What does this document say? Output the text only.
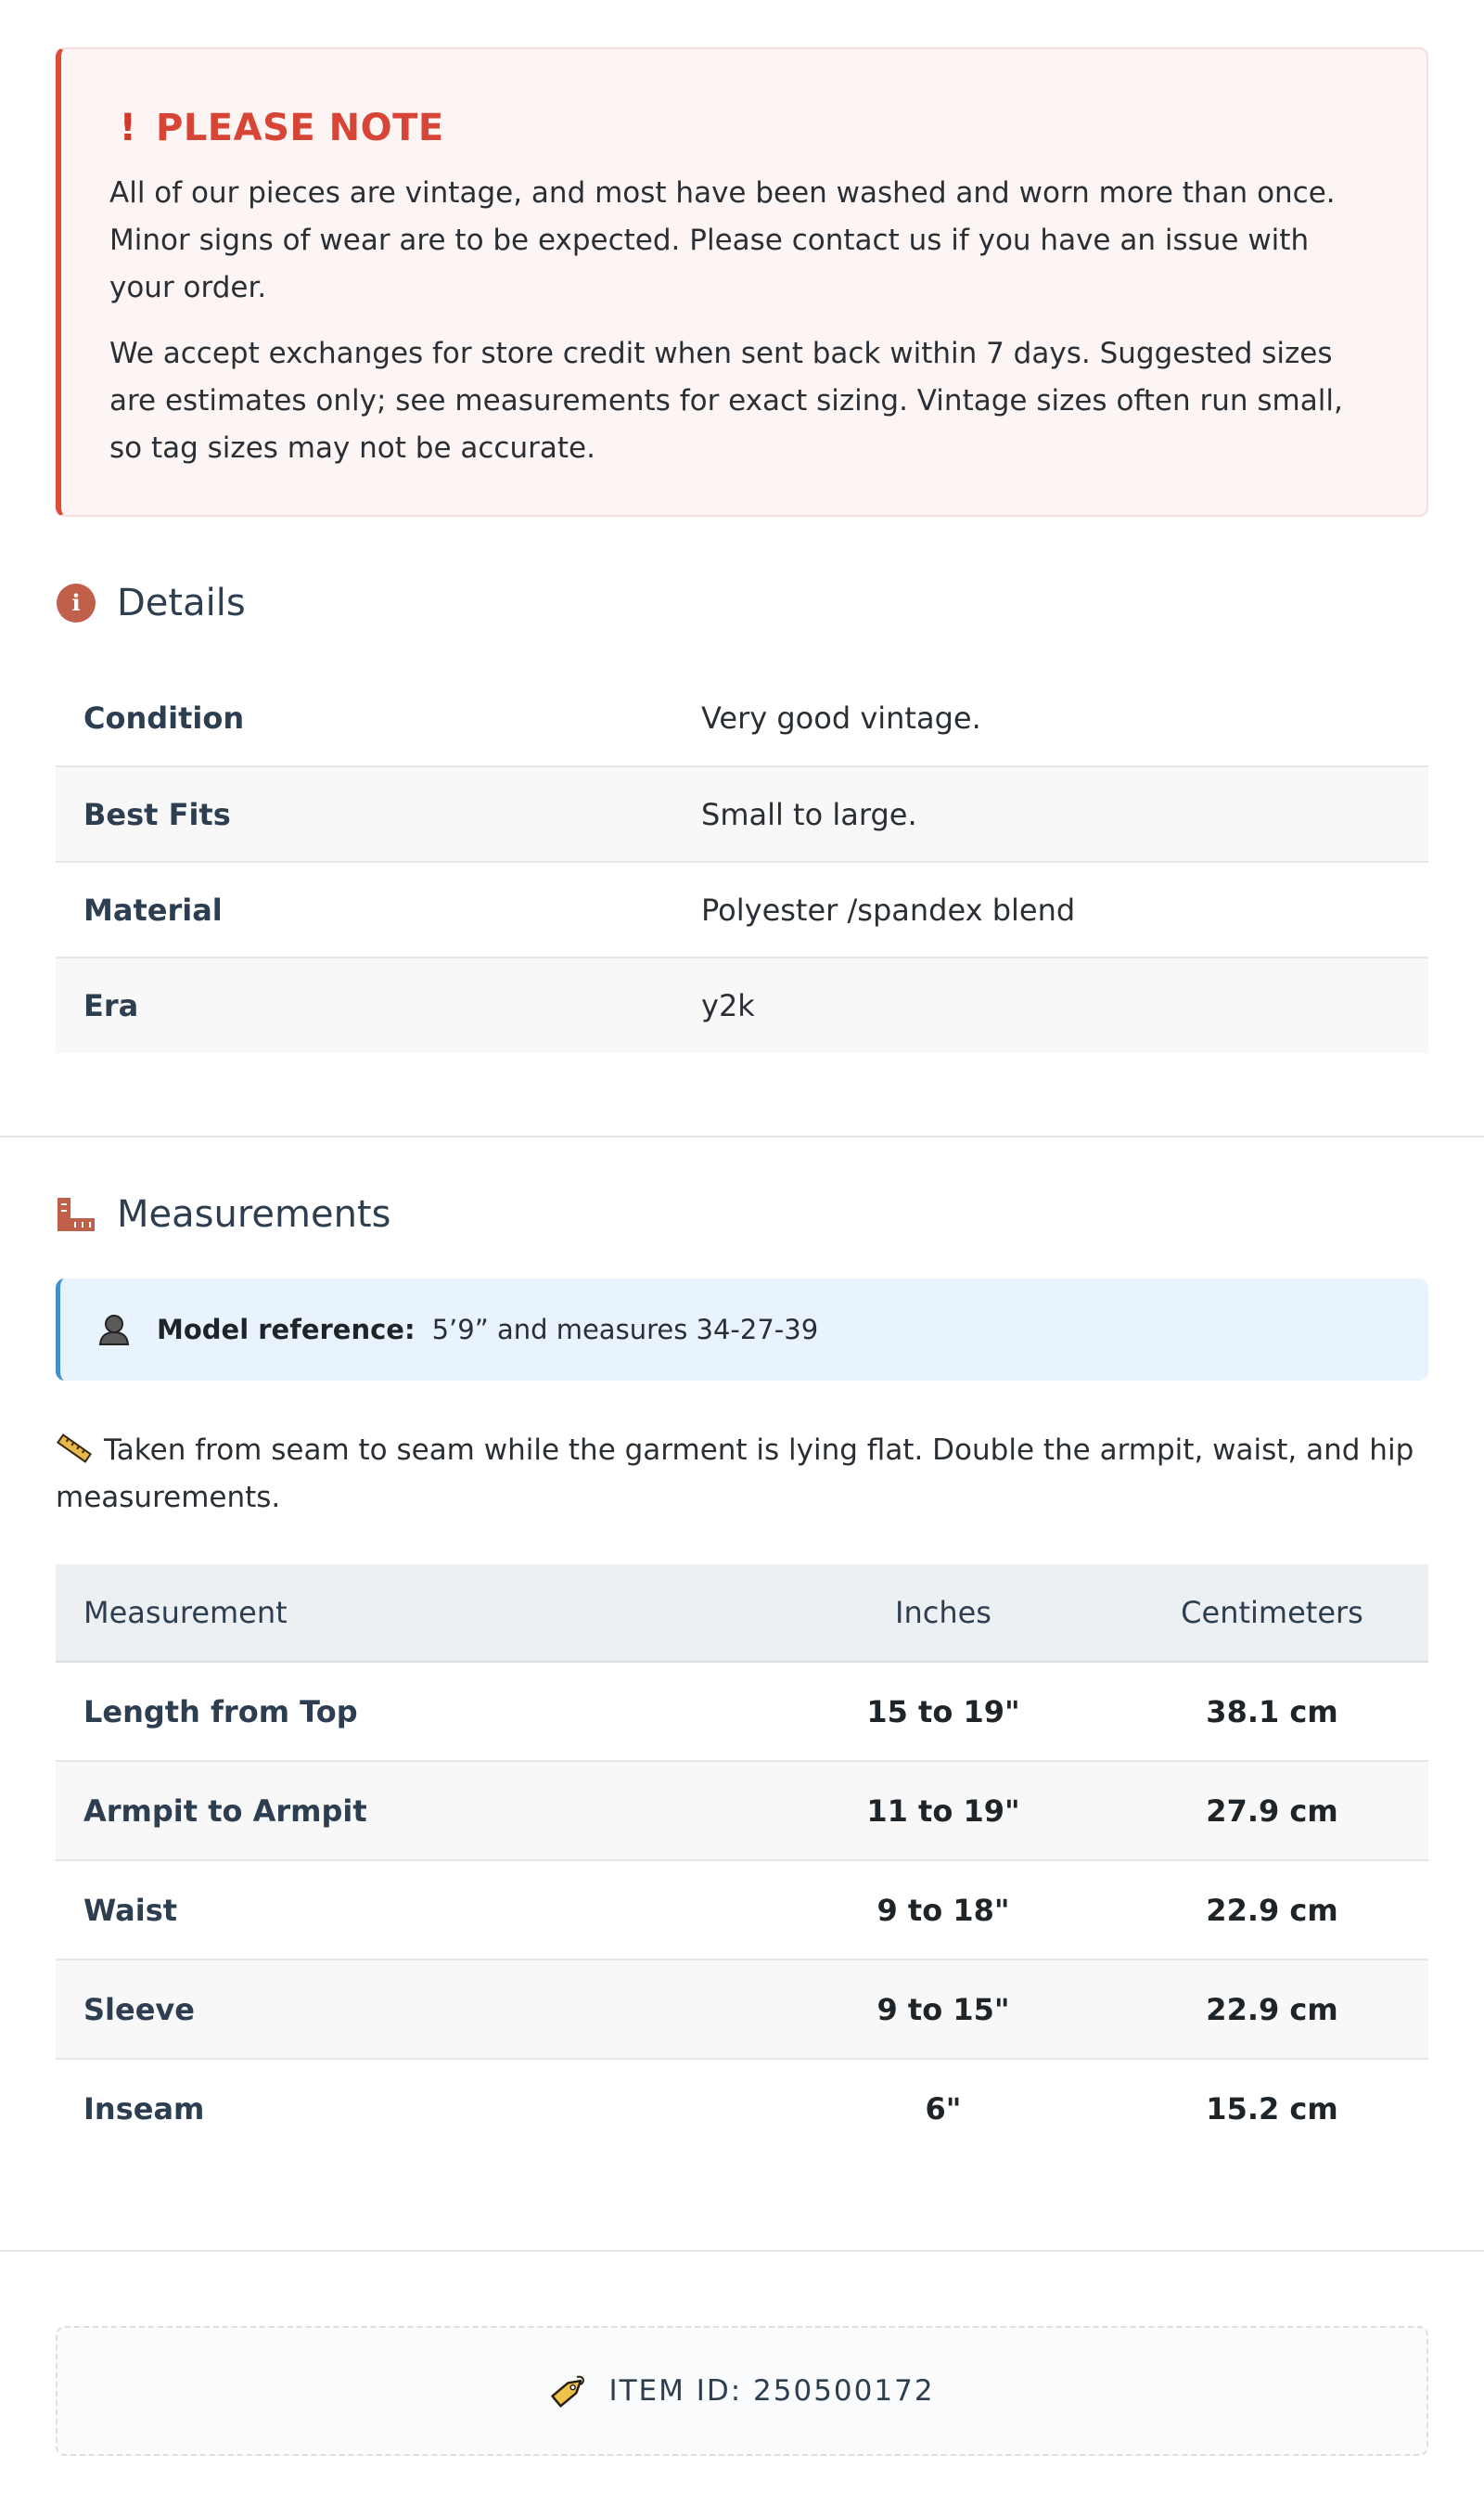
! PLEASE NOTE

All of our pieces are vintage, and most have been washed and worn more than once. Minor signs of wear are to be expected. Please contact us if you have an issue with your order.

We accept exchanges for store credit when sent back within 7 days. Suggested sizes are estimates only; see measurements for exact sizing. Vintage sizes often run small, so tag sizes may not be accurate.

i Details
Condition	Very good vintage.
Best Fits	Small to large.
Material	Polyester /spandex blend
Era	y2k
Measurements
Model reference: 5’9” and measures 34-27-39
Taken from seam to seam while the garment is lying flat. Double the armpit, waist, and hip measurements.
Measurement	Inches	Centimeters
Length from Top	15 to 19"	38.1 cm
Armpit to Armpit	11 to 19"	27.9 cm
Waist	9 to 18"	22.9 cm
Sleeve	9 to 15"	22.9 cm
Inseam	6"	15.2 cm
ITEM ID: 250500172
